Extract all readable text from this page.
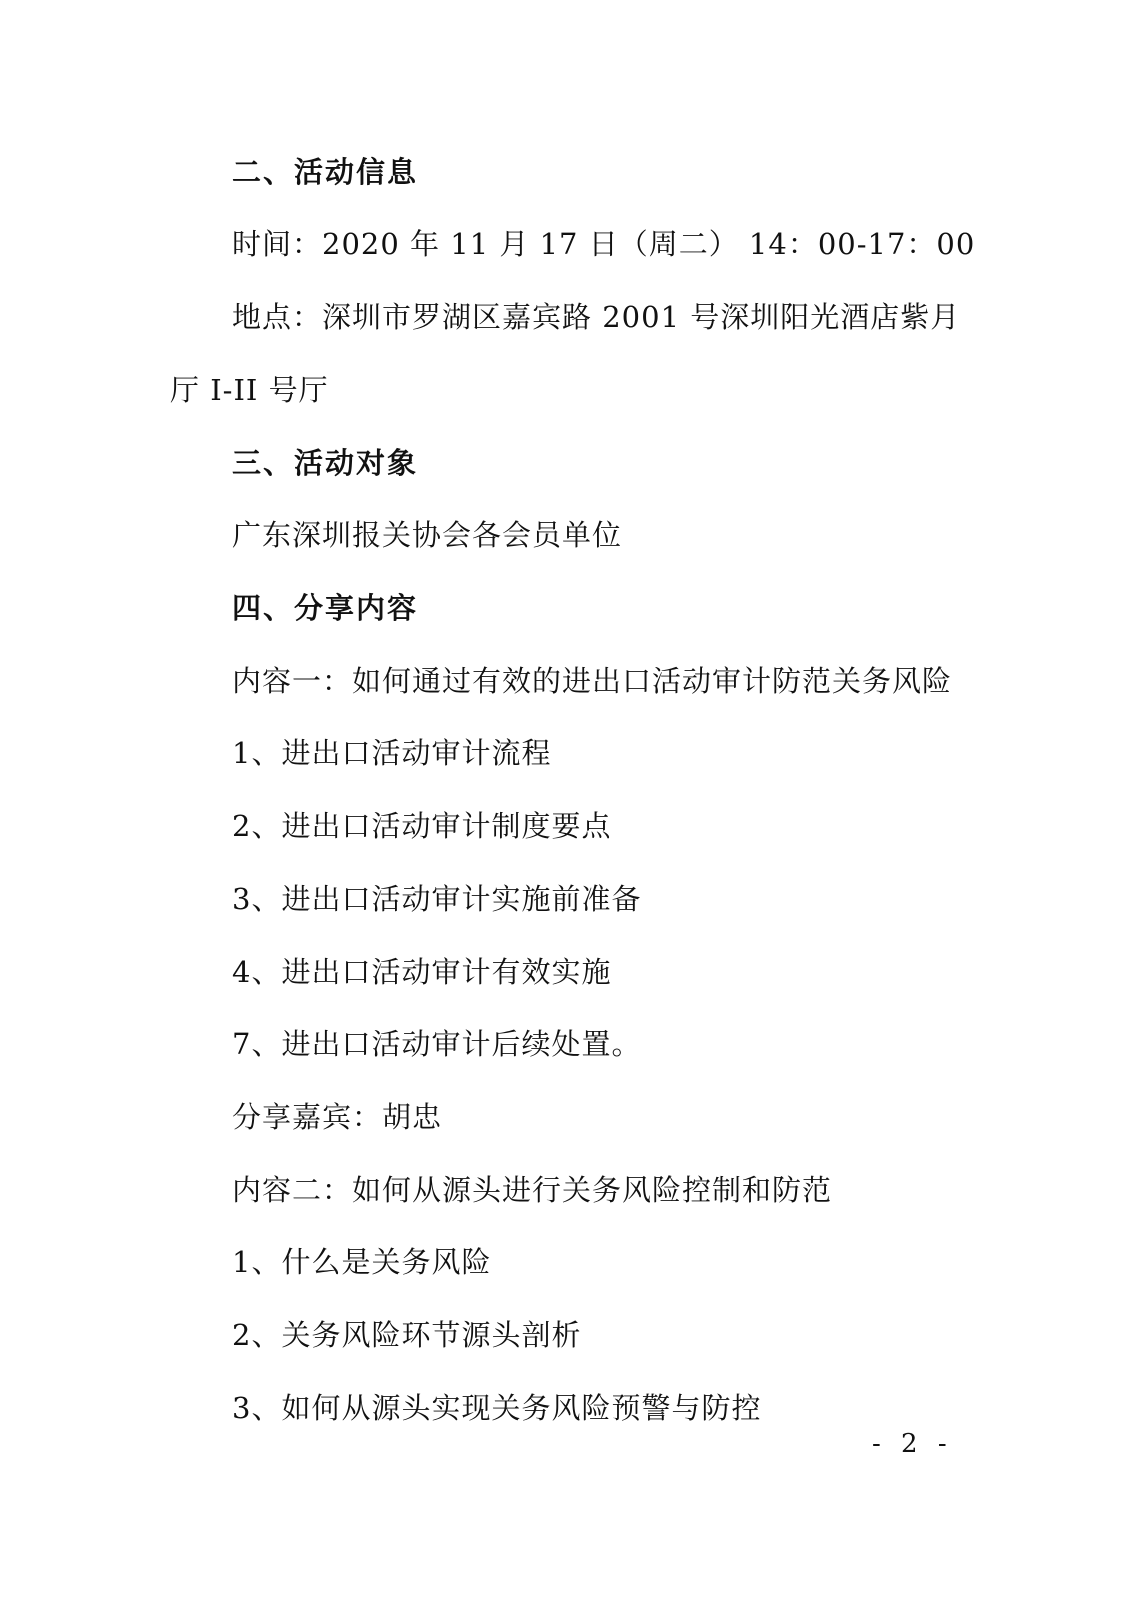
二、活动信息
时间：2020 年 11 月 17 日（周二） 14：00-17：00
地点：深圳市罗湖区嘉宾路 2001 号深圳阳光酒店紫月
厅 I-II 号厅
三、活动对象
广东深圳报关协会各会员单位
四、分享内容
内容一：如何通过有效的进出口活动审计防范关务风险
1、进出口活动审计流程
2、进出口活动审计制度要点
3、进出口活动审计实施前准备
4、进出口活动审计有效实施
7、进出口活动审计后续处置。
分享嘉宾：胡忠
内容二：如何从源头进行关务风险控制和防范
1、什么是关务风险
2、关务风险环节源头剖析
3、如何从源头实现关务风险预警与防控
- 2 -
